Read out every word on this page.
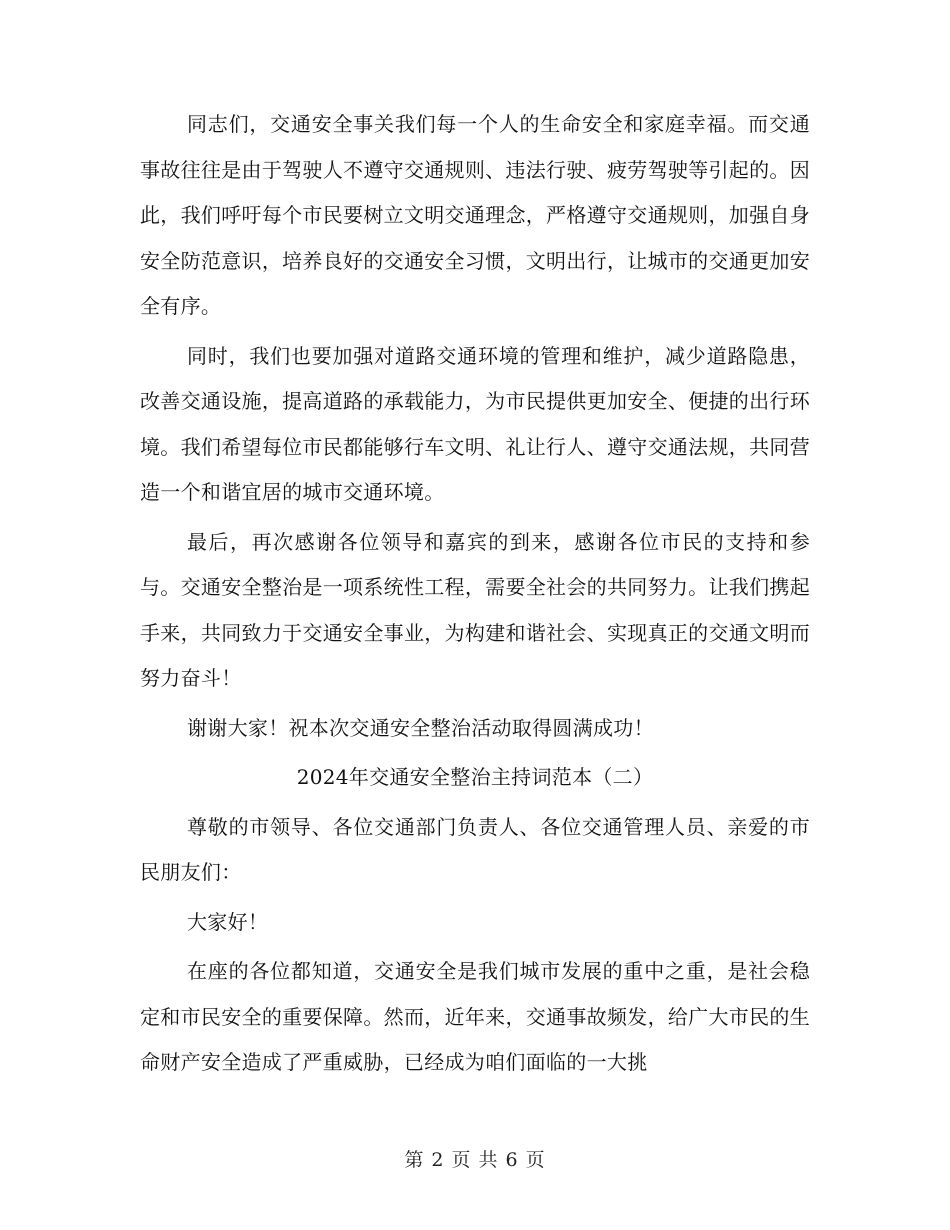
同志们，交通安全事关我们每一个人的生命安全和家庭幸福。而交通事故往往是由于驾驶人不遵守交通规则、违法行驶、疲劳驾驶等引起的。因此，我们呼吁每个市民要树立文明交通理念，严格遵守交通规则，加强自身安全防范意识，培养良好的交通安全习惯，文明出行，让城市的交通更加安全有序。

同时，我们也要加强对道路交通环境的管理和维护，减少道路隐患，改善交通设施，提高道路的承载能力，为市民提供更加安全、便捷的出行环境。我们希望每位市民都能够行车文明、礼让行人、遵守交通法规，共同营造一个和谐宜居的城市交通环境。

最后，再次感谢各位领导和嘉宾的到来，感谢各位市民的支持和参与。交通安全整治是一项系统性工程，需要全社会的共同努力。让我们携起手来，共同致力于交通安全事业，为构建和谐社会、实现真正的交通文明而努力奋斗！

谢谢大家！祝本次交通安全整治活动取得圆满成功！

2024年交通安全整治主持词范本（二）

尊敬的市领导、各位交通部门负责人、各位交通管理人员、亲爱的市民朋友们：

大家好！

在座的各位都知道，交通安全是我们城市发展的重中之重，是社会稳定和市民安全的重要保障。然而，近年来，交通事故频发，给广大市民的生命财产安全造成了严重威胁，已经成为咱们面临的一大挑

第 2 页 共 6 页
